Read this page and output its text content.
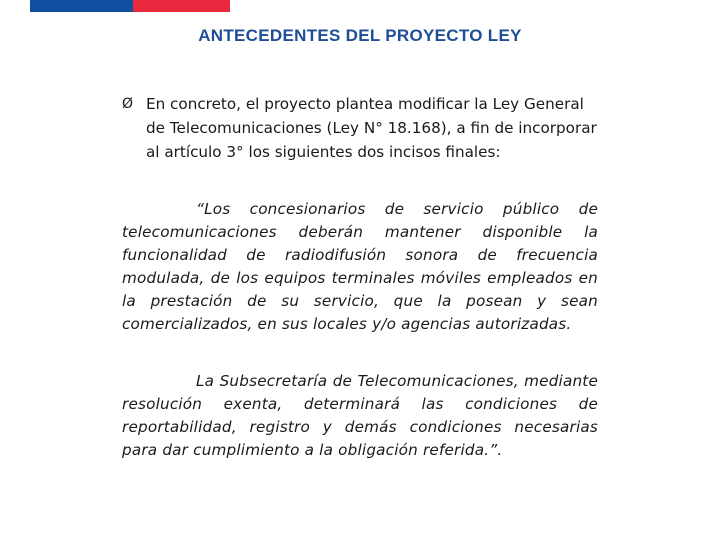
ANTECEDENTES DEL PROYECTO LEY
Ø En concreto, el proyecto plantea modificar la Ley General de Telecomunicaciones (Ley N° 18.168), a fin de incorporar al artículo 3° los siguientes dos incisos finales:
“Los concesionarios de servicio público de telecomunicaciones deberán mantener disponible la funcionalidad de radiodifusión sonora de frecuencia modulada, de los equipos terminales móviles empleados en la prestación de su servicio, que la posean y sean comercializados, en sus locales y/o agencias autorizadas.
La Subsecretaría de Telecomunicaciones, mediante resolución exenta, determinará las condiciones de reportabilidad, registro y demás condiciones necesarias para dar cumplimiento a la obligación referida.”.
